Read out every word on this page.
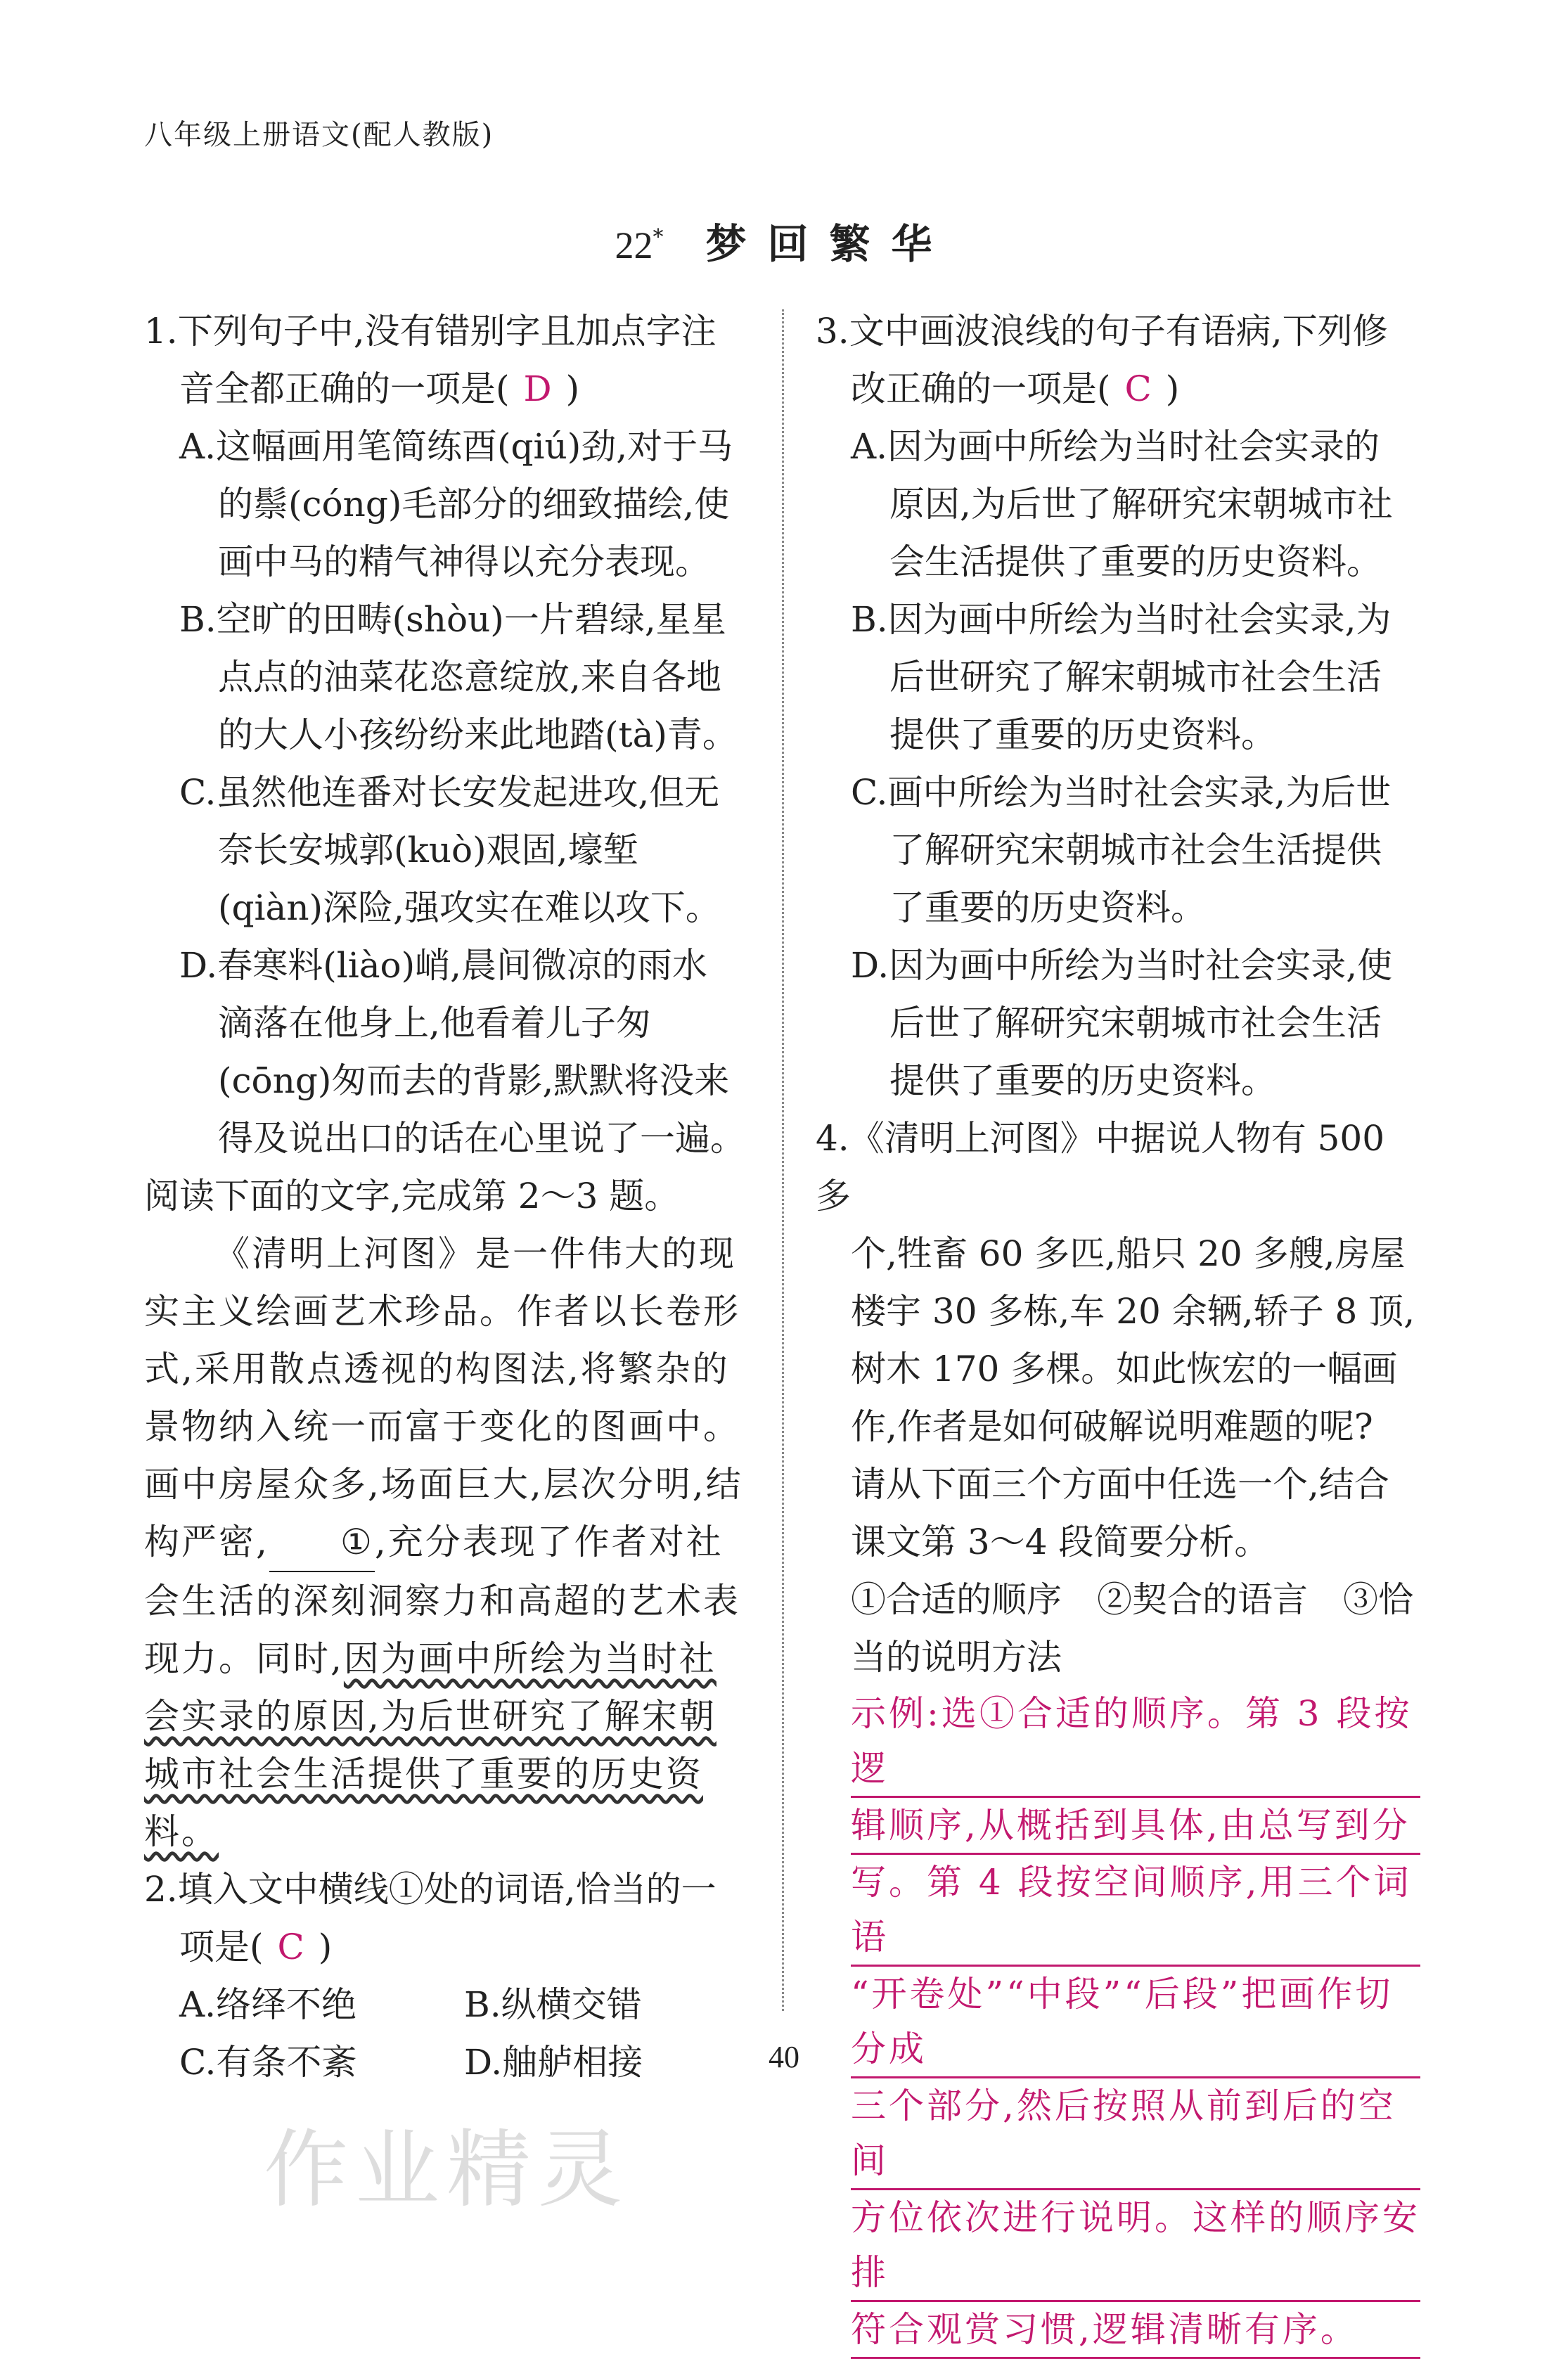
八年级上册语文(配人教版)
22* 梦回繁华

1.下列句子中,没有错别字且加点字注

音全都正确的一项是( D )

A.这幅画用笔简练酉(qiú)劲,对于马

的鬃(cóng)毛部分的细致描绘,使

画中马的精气神得以充分表现。

B.空旷的田畴(shòu)一片碧绿,星星

点点的油菜花恣意绽放,来自各地

的大人小孩纷纷来此地踏(tà)青。

C.虽然他连番对长安发起进攻,但无

奈长安城郭(kuò)艰固,壕堑

(qiàn)深险,强攻实在难以攻下。

D.春寒料(liào)峭,晨间微凉的雨水

滴落在他身上,他看着儿子匆

(cōng)匆而去的背影,默默将没来

得及说出口的话在心里说了一遍。

阅读下面的文字,完成第 2～3 题。

《清明上河图》是一件伟大的现实主义绘画艺术珍品。作者以长卷形式,采用散点透视的构图法,将繁杂的景物纳入统一而富于变化的图画中。画中房屋众多,场面巨大,层次分明,结构严密, ①,充分表现了作者对社会生活的深刻洞察力和高超的艺术表现力。同时,因为画中所绘为当时社会实录的原因,为后世研究了解宋朝城市社会生活提供了重要的历史资料。

2.填入文中横线①处的词语,恰当的一

项是( C )

A.络绎不绝	B.纵横交错
C.有条不紊	D.舳舻相接

3.文中画波浪线的句子有语病,下列修

改正确的一项是( C )

A.因为画中所绘为当时社会实录的

原因,为后世了解研究宋朝城市社

会生活提供了重要的历史资料。

B.因为画中所绘为当时社会实录,为

后世研究了解宋朝城市社会生活

提供了重要的历史资料。

C.画中所绘为当时社会实录,为后世

了解研究宋朝城市社会生活提供

了重要的历史资料。

D.因为画中所绘为当时社会实录,使

后世了解研究宋朝城市社会生活

提供了重要的历史资料。

4.《清明上河图》中据说人物有 500 多

个,牲畜 60 多匹,船只 20 多艘,房屋

楼宇 30 多栋,车 20 余辆,轿子 8 顶,

树木 170 多棵。如此恢宏的一幅画

作,作者是如何破解说明难题的呢?

请从下面三个方面中任选一个,结合

课文第 3～4 段简要分析。

①合适的顺序　②契合的语言　③恰

当的说明方法

示例:选①合适的顺序。第 3 段按逻
辑顺序,从概括到具体,由总写到分
写。第 4 段按空间顺序,用三个词语
“开卷处”“中段”“后段”把画作切分成
三个部分,然后按照从前到后的空间
方位依次进行说明。这样的顺序安排
符合观赏习惯,逻辑清晰有序。
40
作业精灵
